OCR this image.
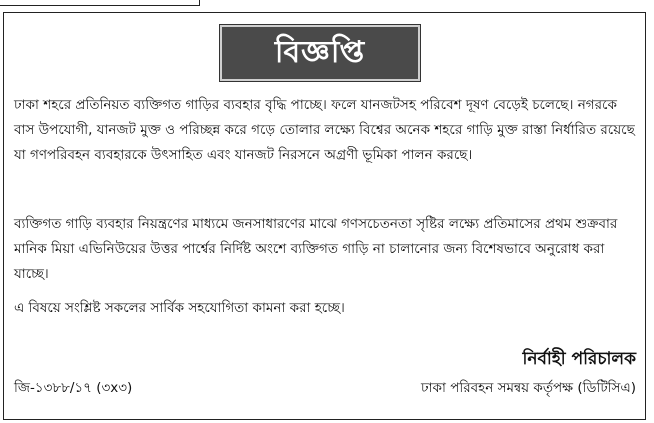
বিজ্ঞপ্তি

ঢাকা শহরে প্রতিনিয়ত ব্যক্তিগত গাড়ির ব্যবহার বৃদ্ধি পাচ্ছে। ফলে যানজটসহ পরিবেশ দূষণ বেড়েই চলেছে। নগরকে বাস উপযোগী, যানজট মুক্ত ও পরিচ্ছন্ন করে গড়ে তোলার লক্ষ্যে বিশ্বের অনেক শহরে গাড়ি মুক্ত রাস্তা নির্ধারিত রয়েছে যা গণপরিবহন ব্যবহারকে উৎসাহিত এবং যানজট নিরসনে অগ্রণী ভূমিকা পালন করছে।

ব্যক্তিগত গাড়ি ব্যবহার নিয়ন্ত্রণের মাধ্যমে জনসাধারণের মাঝে গণসচেতনতা সৃষ্টির লক্ষ্যে প্রতিমাসের প্রথম শুক্রবার মানিক মিয়া এভিনিউয়ের উত্তর পার্শ্বের নির্দিষ্ট অংশে ব্যক্তিগত গাড়ি না চালানোর জন্য বিশেষভাবে অনুরোধ করা যাচ্ছে।

এ বিষয়ে সংশ্লিষ্ট সকলের সার্বিক সহযোগিতা কামনা করা হচ্ছে।

নির্বাহী পরিচালক
জি-১৩৮৮/১৭ (৩x৩)	ঢাকা পরিবহন সমন্বয় কর্তৃপক্ষ (ডিটিসিএ)
